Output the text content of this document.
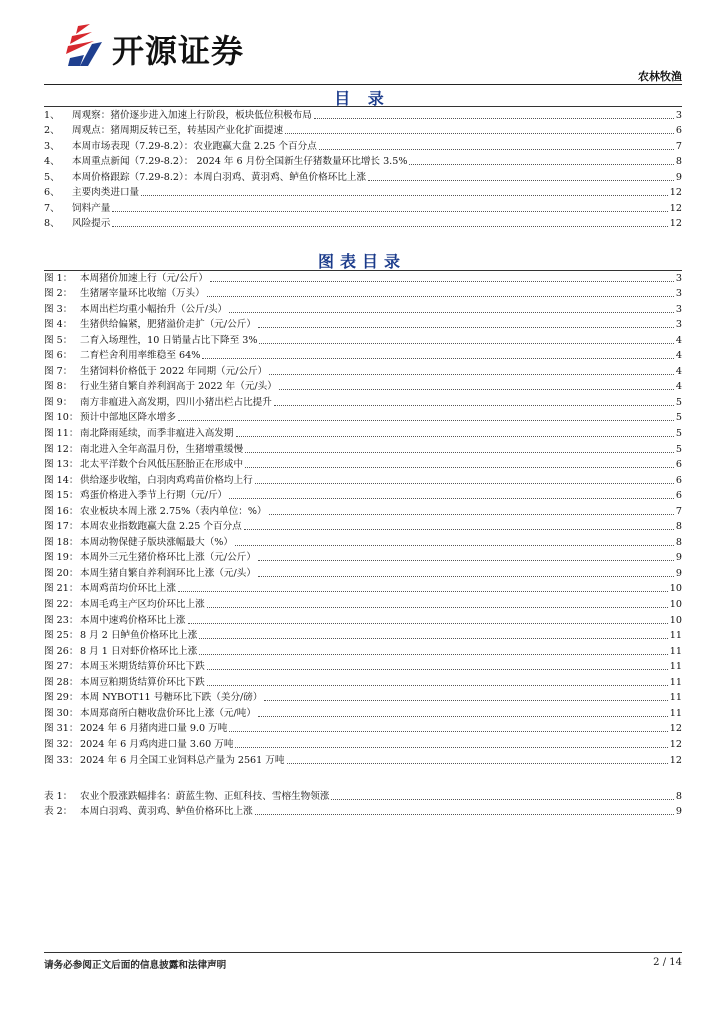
开源证券
农林牧渔
目 录
1、	周观察：猪价逐步进入加速上行阶段，板块低位积极布局	3
2、	周观点：猪周期反转已至，转基因产业化扩面提速	6
3、	本周市场表现（7.29-8.2）：农业跑赢大盘 2.25 个百分点	7
4、	本周重点新闻（7.29-8.2）： 2024 年 6 月份全国新生仔猪数量环比增长 3.5%	8
5、	本周价格跟踪（7.29-8.2）：本周白羽鸡、黄羽鸡、鲈鱼价格环比上涨	9
6、	主要肉类进口量	12
7、	饲料产量	12
8、	风险提示	12
图表目录
图 1： 本周猪价加速上行（元/公斤）	3
图 2： 生猪屠宰量环比收缩（万头）	3
图 3： 本周出栏均重小幅抬升（公斤/头）	3
图 4： 生猪供给偏紧，肥猪溢价走扩（元/公斤）	3
图 5： 二育入场理性，10 日销量占比下降至 3%	4
图 6： 二育栏舍利用率维稳至 64%	4
图 7： 生猪饲料价格低于 2022 年同期（元/公斤）	4
图 8： 行业生猪自繁自养利润高于 2022 年（元/头）	4
图 9： 南方非瘟进入高发期，四川小猪出栏占比提升	5
图 10： 预计中部地区降水增多	5
图 11： 南北降雨延续，而季非瘟进入高发期	5
图 12： 南北进入全年高温月份，生猪增重缓慢	5
图 13： 北太平洋数个台风低压胚胎正在形成中	6
图 14： 供给逐步收缩，白羽肉鸡鸡苗价格均上行	6
图 15： 鸡蛋价格进入季节上行期（元/斤）	6
图 16： 农业板块本周上涨 2.75%（表内单位：%）	7
图 17： 本周农业指数跑赢大盘 2.25 个百分点	8
图 18： 本周动物保健子版块涨幅最大（%）	8
图 19： 本周外三元生猪价格环比上涨（元/公斤）	9
图 20： 本周生猪自繁自养利润环比上涨（元/头）	9
图 21： 本周鸡苗均价环比上涨	10
图 22： 本周毛鸡主产区均价环比上涨	10
图 23： 本周中速鸡价格环比上涨	10
图 25： 8 月 2 日鲈鱼价格环比上涨	11
图 26： 8 月 1 日对虾价格环比上涨	11
图 27： 本周玉米期货结算价环比下跌	11
图 28： 本周豆粕期货结算价环比下跌	11
图 29： 本周 NYBOT11 号糖环比下跌（美分/磅）	11
图 30： 本周郑商所白糖收盘价环比上涨（元/吨）	11
图 31： 2024 年 6 月猪肉进口量 9.0 万吨	12
图 32： 2024 年 6 月鸡肉进口量 3.60 万吨	12
图 33： 2024 年 6 月全国工业饲料总产量为 2561 万吨	12
表 1： 农业个股涨跌幅排名：蔚蓝生物、正虹科技、雪榕生物领涨	8
表 2： 本周白羽鸡、黄羽鸡、鲈鱼价格环比上涨	9
请务必参阅正文后面的信息披露和法律声明	2 / 14
